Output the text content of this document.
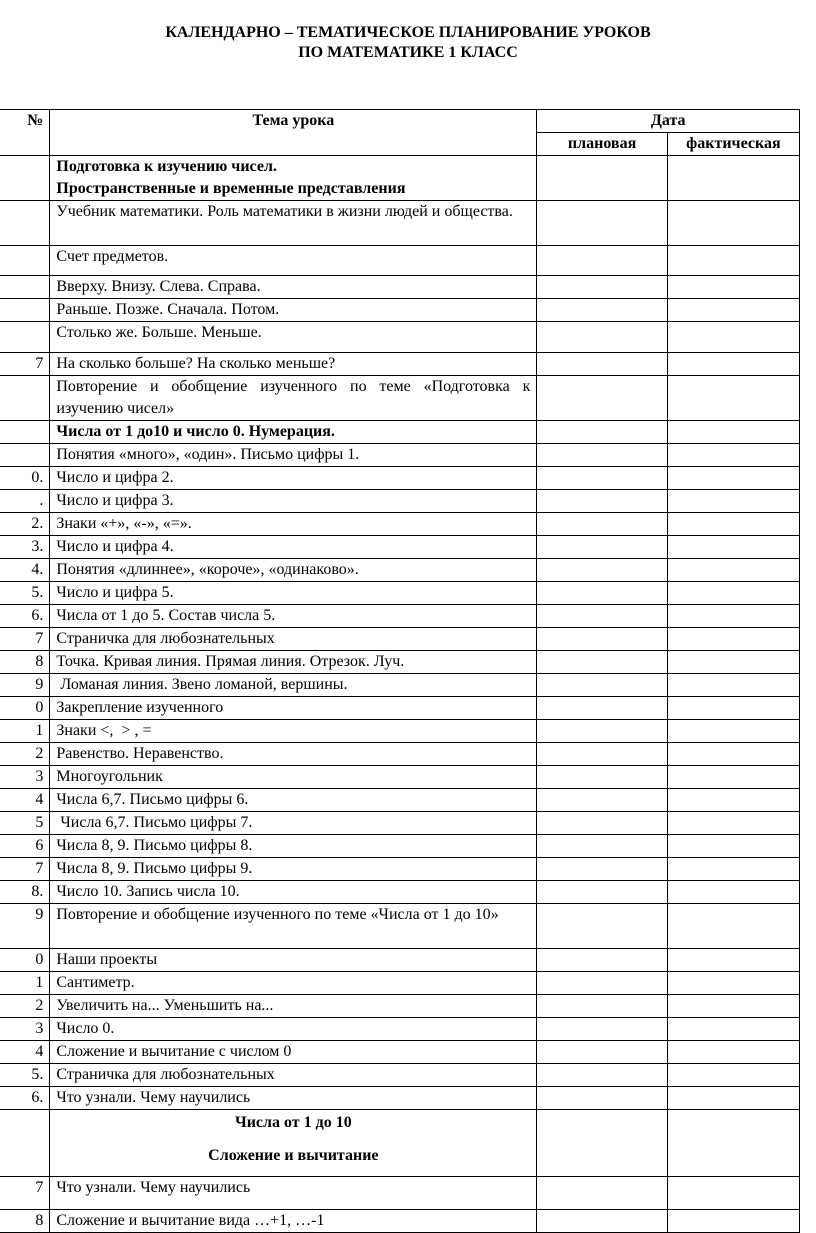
КАЛЕНДАРНО – ТЕМАТИЧЕСКОЕ ПЛАНИРОВАНИЕ УРОКОВ
ПО МАТЕМАТИКЕ 1 КЛАСС
№	Тема урока	Дата	
		плановая	фактическая

	Подготовка к изучению чисел.
Пространственные и временные представления		

	Учебник математики. Роль математики в жизни людей и общества.		
	Счет предметов.		
	Вверху. Внизу. Слева. Справа.		
	Раньше. Позже. Сначала. Потом.		
	Столько же. Больше. Меньше.		
7	На сколько больше? На сколько меньше?		
	Повторение и обобщение изученного по теме «Подготовка к изучению чисел»		
	Числа от 1 до10 и число 0. Нумерация.		
	Понятия «много», «один». Письмо цифры 1.		
0.	Число и цифра 2.		
.	Число и цифра 3.		
2.	Знаки «+», «-», «=».		
3.	Число и цифра 4.		
4.	Понятия «длиннее», «короче», «одинаково».		
5.	Число и цифра 5.		
6.	Числа от 1 до 5. Состав числа 5.		
7	Страничка для любознательных		
8	Точка. Кривая линия. Прямая линия. Отрезок. Луч.		
9	Ломаная линия. Звено ломаной, вершины.		
0	Закрепление изученного		
1	Знаки <,  > , =		
2	Равенство. Неравенство.		
3	Многоугольник		
4	Числа 6,7. Письмо цифры 6.		
5	Числа 6,7. Письмо цифры 7.		
6	Числа 8, 9. Письмо цифры 8.		
7	Числа 8, 9. Письмо цифры 9.		
8.	Число 10. Запись числа 10.		
9	Повторение и обобщение изученного по теме «Числа от 1 до 10»		
0	Наши проекты		
1	Сантиметр.		
2	Увеличить на... Уменьшить на...		
3	Число 0.		
4	Сложение и вычитание с числом 0		
5.	Страничка для любознательных		
6.	Что узнали. Чему научились		

	Числа от 1 до 10
Сложение и вычитание		

7	Что узнали. Чему научились		
8	Сложение и вычитание вида …+1, …-1		
